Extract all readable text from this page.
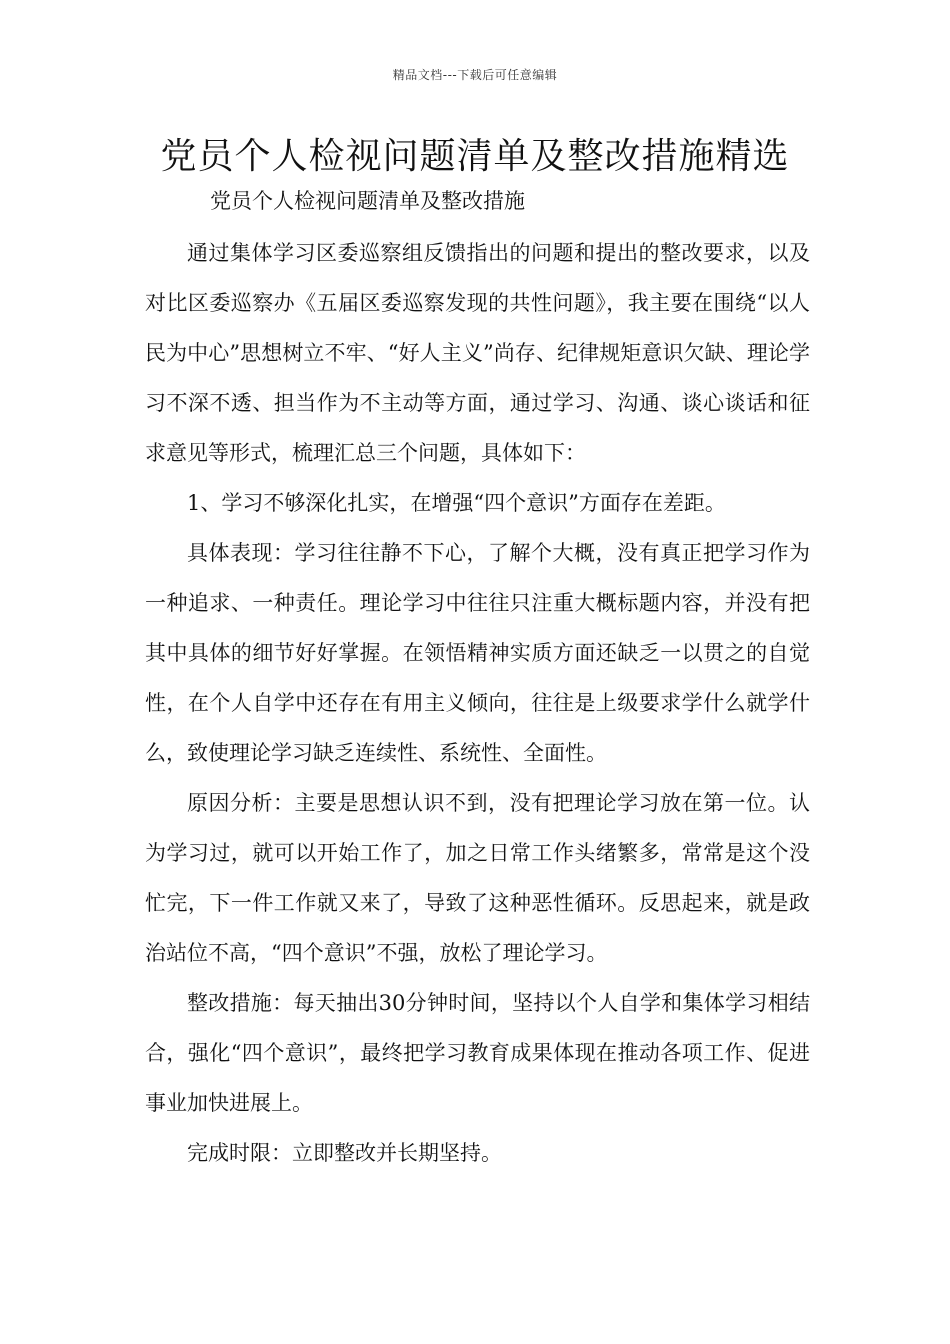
精品文档---下载后可任意编辑
党员个人检视问题清单及整改措施精选
党员个人检视问题清单及整改措施

通过集体学习区委巡察组反馈指出的问题和提出的整改要求，以及对比区委巡察办《五届区委巡察发现的共性问题》，我主要在围绕“以人民为中心”思想树立不牢、“好人主义”尚存、纪律规矩意识欠缺、理论学习不深不透、担当作为不主动等方面，通过学习、沟通、谈心谈话和征求意见等形式，梳理汇总三个问题，具体如下：

1、学习不够深化扎实，在增强“四个意识”方面存在差距。

具体表现：学习往往静不下心，了解个大概，没有真正把学习作为一种追求、一种责任。理论学习中往往只注重大概标题内容，并没有把其中具体的细节好好掌握。在领悟精神实质方面还缺乏一以贯之的自觉性，在个人自学中还存在有用主义倾向，往往是上级要求学什么就学什么，致使理论学习缺乏连续性、系统性、全面性。

原因分析：主要是思想认识不到，没有把理论学习放在第一位。认为学习过，就可以开始工作了，加之日常工作头绪繁多，常常是这个没忙完，下一件工作就又来了，导致了这种恶性循环。反思起来，就是政治站位不高，“四个意识”不强，放松了理论学习。

整改措施：每天抽出30分钟时间，坚持以个人自学和集体学习相结合，强化“四个意识”，最终把学习教育成果体现在推动各项工作、促进事业加快进展上。

完成时限：立即整改并长期坚持。
